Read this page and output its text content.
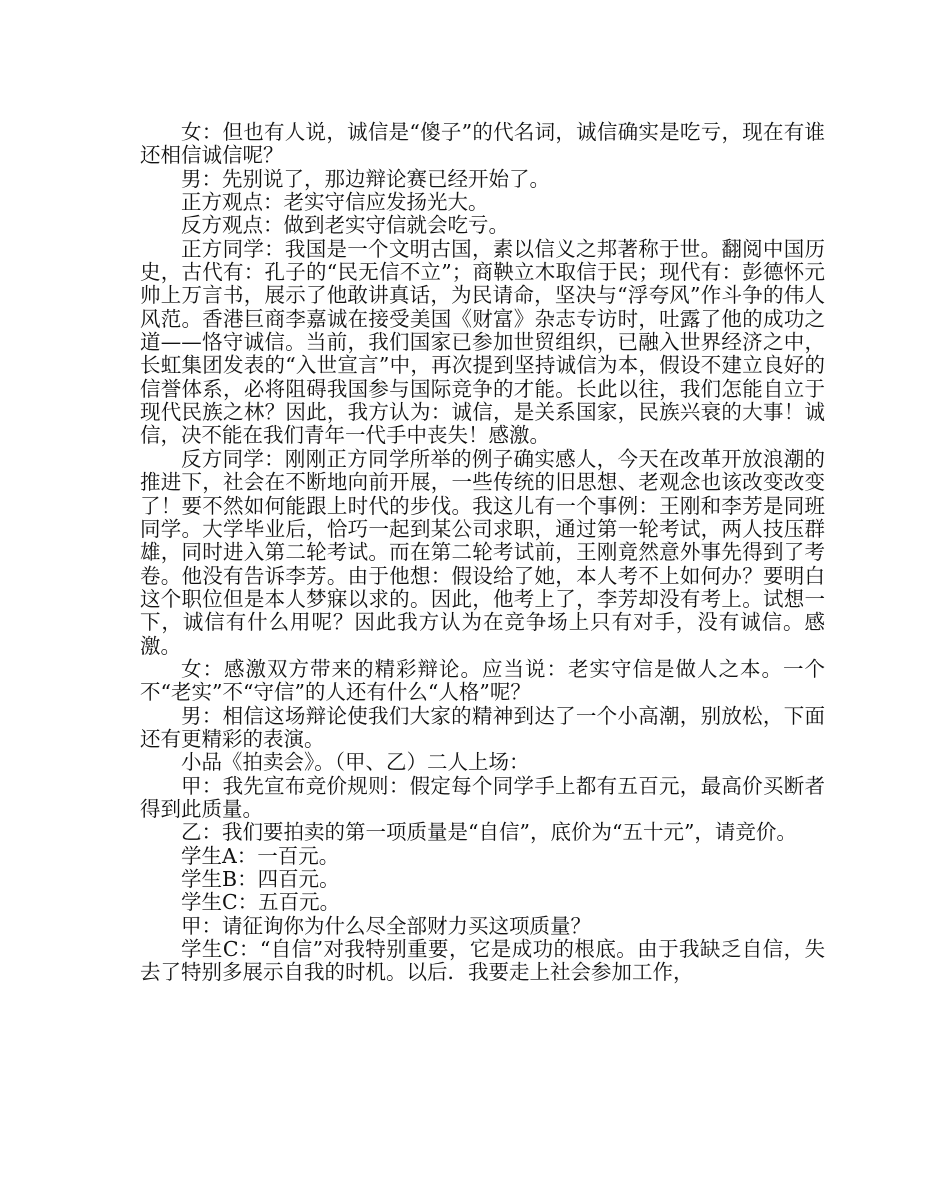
女：但也有人说，诚信是“傻子”的代名词，诚信确实是吃亏，现在有谁还相信诚信呢？

男：先别说了，那边辩论赛已经开始了。

正方观点：老实守信应发扬光大。

反方观点：做到老实守信就会吃亏。

正方同学：我国是一个文明古国，素以信义之邦著称于世。翻阅中国历史，古代有：孔子的“民无信不立”；商鞅立木取信于民；现代有：彭德怀元帅上万言书，展示了他敢讲真话，为民请命，坚决与“浮夸风”作斗争的伟人风范。香港巨商李嘉诚在接受美国《财富》杂志专访时，吐露了他的成功之道——恪守诚信。当前，我们国家已参加世贸组织，已融入世界经济之中，长虹集团发表的“入世宣言”中，再次提到坚持诚信为本，假设不建立良好的信誉体系，必将阻碍我国参与国际竞争的才能。长此以往，我们怎能自立于现代民族之林？因此，我方认为：诚信，是关系国家，民族兴衰的大事！诚信，决不能在我们青年一代手中丧失！感激。

反方同学：刚刚正方同学所举的例子确实感人，今天在改革开放浪潮的推进下，社会在不断地向前开展，一些传统的旧思想、老观念也该改变改变了！要不然如何能跟上时代的步伐。我这儿有一个事例：王刚和李芳是同班同学。大学毕业后，恰巧一起到某公司求职，通过第一轮考试，两人技压群雄，同时进入第二轮考试。而在第二轮考试前，王刚竟然意外事先得到了考卷。他没有告诉李芳。由于他想：假设给了她，本人考不上如何办？要明白这个职位但是本人梦寐以求的。因此，他考上了，李芳却没有考上。试想一下，诚信有什么用呢？因此我方认为在竞争场上只有对手，没有诚信。感激。

女：感激双方带来的精彩辩论。应当说：老实守信是做人之本。一个不“老实”不“守信”的人还有什么“人格”呢？

男：相信这场辩论使我们大家的精神到达了一个小高潮，别放松，下面还有更精彩的表演。

小品《拍卖会》。（甲、乙）二人上场：

甲：我先宣布竞价规则：假定每个同学手上都有五百元，最高价买断者得到此质量。

乙：我们要拍卖的第一项质量是“自信”，底价为“五十元”，请竞价。

学生A：一百元。

学生B：四百元。

学生C：五百元。

甲：请征询你为什么尽全部财力买这项质量？

学生C：“自信”对我特别重要，它是成功的根底。由于我缺乏自信，失去了特别多展示自我的时机。以后．我要走上社会参加工作，
